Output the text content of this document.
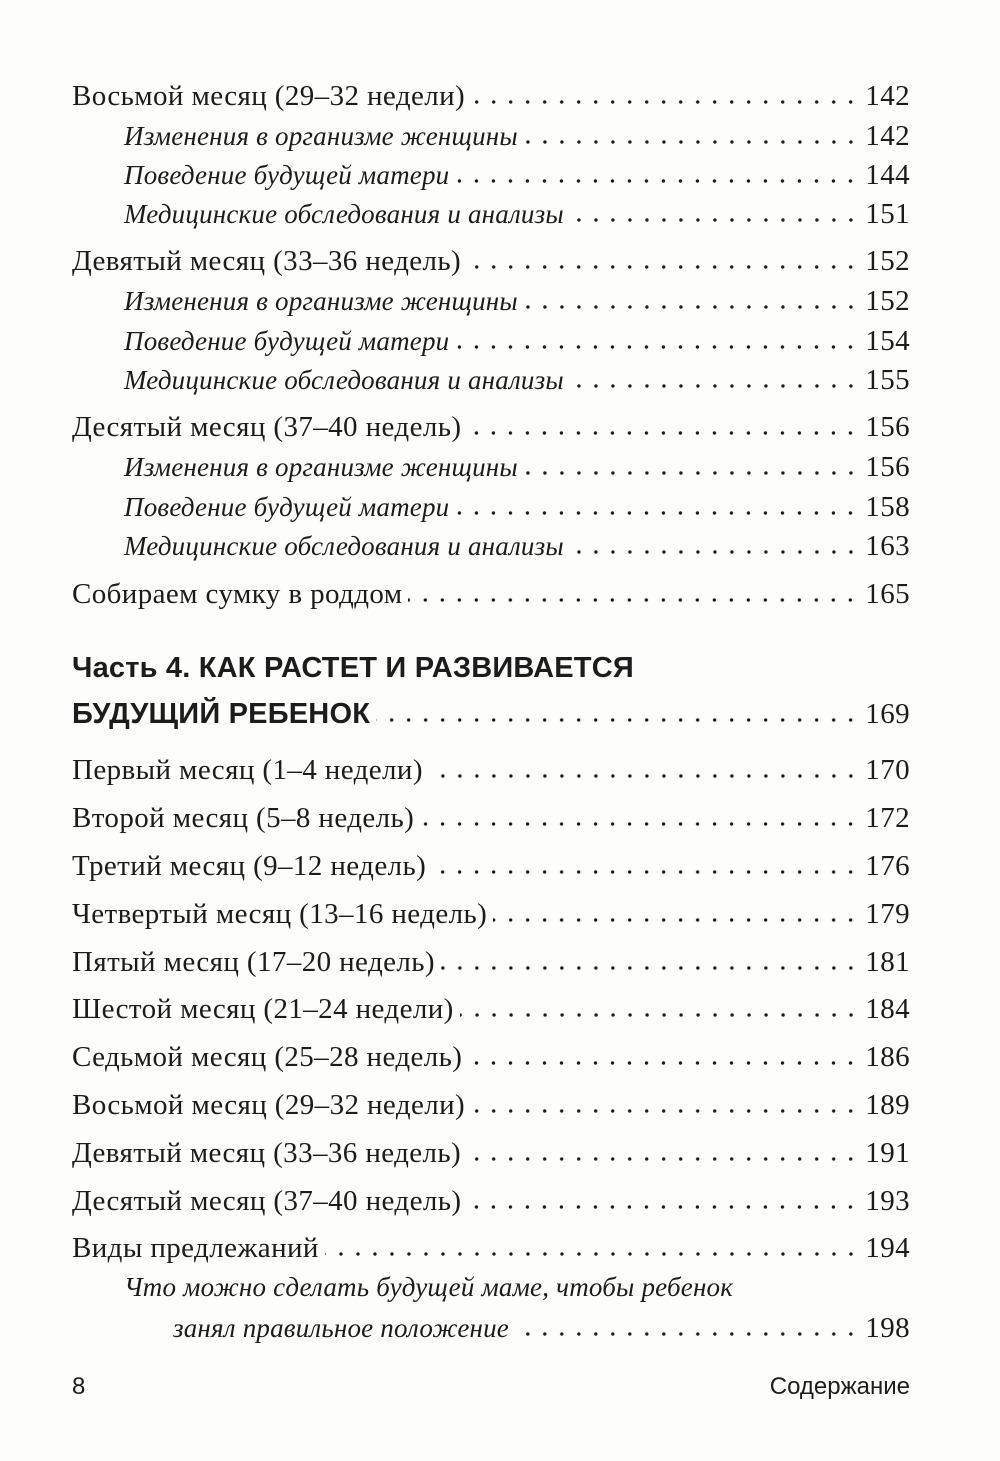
Восьмой месяц (29–32 недели)	142
Изменения в организме женщины	142
Поведение будущей матери	144
Медицинские обследования и анализы	151
Девятый месяц (33–36 недель)	152
Изменения в организме женщины	152
Поведение будущей матери	154
Медицинские обследования и анализы	155
Десятый месяц (37–40 недель)	156
Изменения в организме женщины	156
Поведение будущей матери	158
Медицинские обследования и анализы	163
Собираем сумку в роддом	165
Часть 4. КАК РАСТЕТ И РАЗВИВАЕТСЯ
БУДУЩИЙ РЕБЕНОК	169
Первый месяц (1–4 недели)	170
Второй месяц (5–8 недель)	172
Третий месяц (9–12 недель)	176
Четвертый месяц (13–16 недель)	179
Пятый месяц (17–20 недель)	181
Шестой месяц (21–24 недели)	184
Седьмой месяц (25–28 недель)	186
Восьмой месяц (29–32 недели)	189
Девятый месяц (33–36 недель)	191
Десятый месяц (37–40 недель)	193
Виды предлежаний	194
Что можно сделать будущей маме, чтобы ребенок
занял правильное положение	198
8	Содержание
